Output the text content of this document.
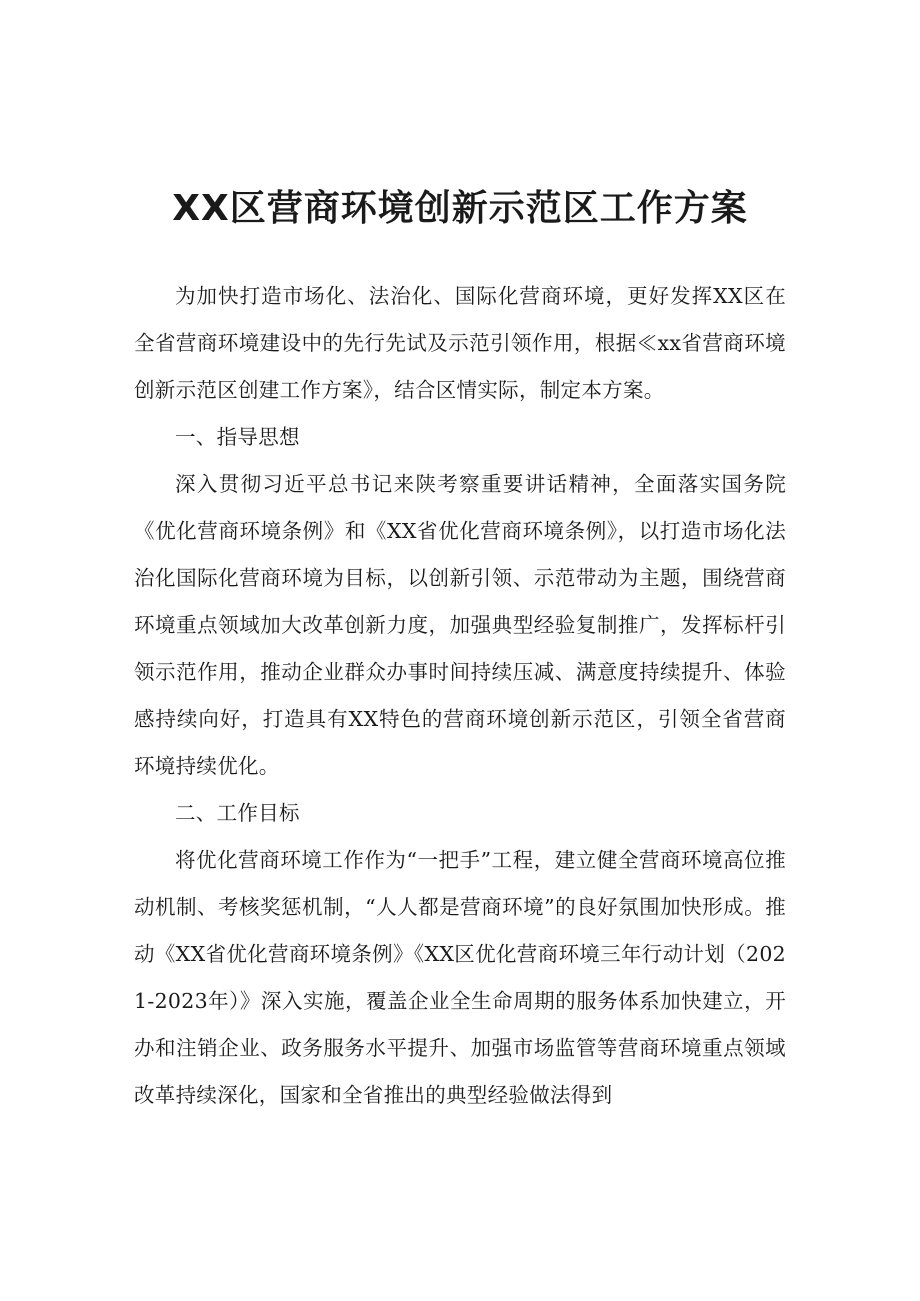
XX区营商环境创新示范区工作方案

为加快打造市场化、法治化、国际化营商环境，更好发挥XX区在全省营商环境建设中的先行先试及示范引领作用，根据≪xx省营商环境创新示范区创建工作方案》，结合区情实际，制定本方案。

一、指导思想

深入贯彻习近平总书记来陕考察重要讲话精神，全面落实国务院《优化营商环境条例》和《XX省优化营商环境条例》，以打造市场化法治化国际化营商环境为目标，以创新引领、示范带动为主题，围绕营商环境重点领域加大改革创新力度，加强典型经验复制推广，发挥标杆引领示范作用，推动企业群众办事时间持续压减、满意度持续提升、体验感持续向好，打造具有XX特色的营商环境创新示范区，引领全省营商环境持续优化。

二、工作目标

将优化营商环境工作作为“一把手”工程，建立健全营商环境高位推动机制、考核奖惩机制，“人人都是营商环境”的良好氛围加快形成。推动《XX省优化营商环境条例》《XX区优化营商环境三年行动计划（2021-2023年）》深入实施，覆盖企业全生命周期的服务体系加快建立，开办和注销企业、政务服务水平提升、加强市场监管等营商环境重点领域改革持续深化，国家和全省推出的典型经验做法得到
